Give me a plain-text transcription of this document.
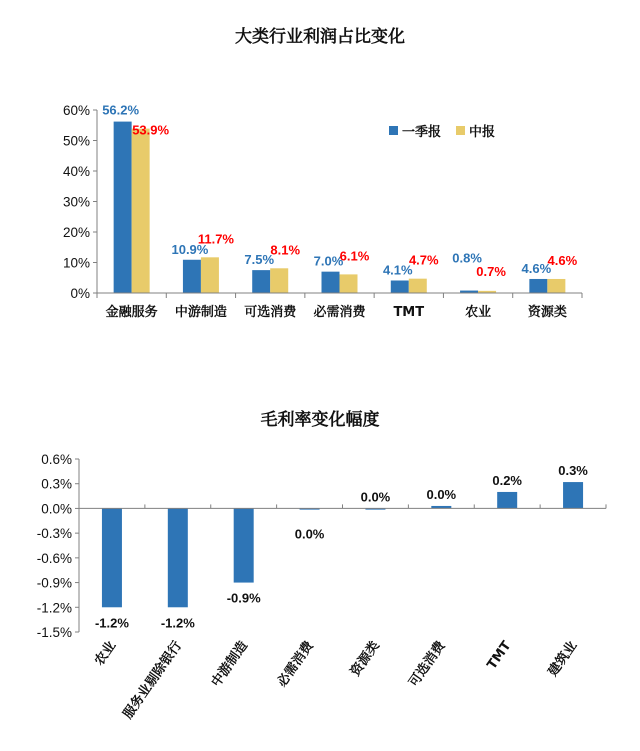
大类行业利润占比变化
一季报 中报
0%
10%
20%
30%
40%
50%
60%
金融服务
56.2%
53.9%
中游制造
10.9%
11.7%
可选消费
7.5%
8.1%
必需消费
7.0%
6.1%
TMT
4.1%
4.7%
农业
0.8%
0.7%
资源类
4.6%
4.6%
毛利率变化幅度
-1.5%
-1.2%
-0.9%
-0.6%
-0.3%
0.0%
0.3%
0.6%
-1.2%
农业
-1.2%
服务业剔除银行
-0.9%
中游制造
0.0%
必需消费
0.0%
资源类
0.0%
可选消费
0.2%
TMT
0.3%
建筑业
